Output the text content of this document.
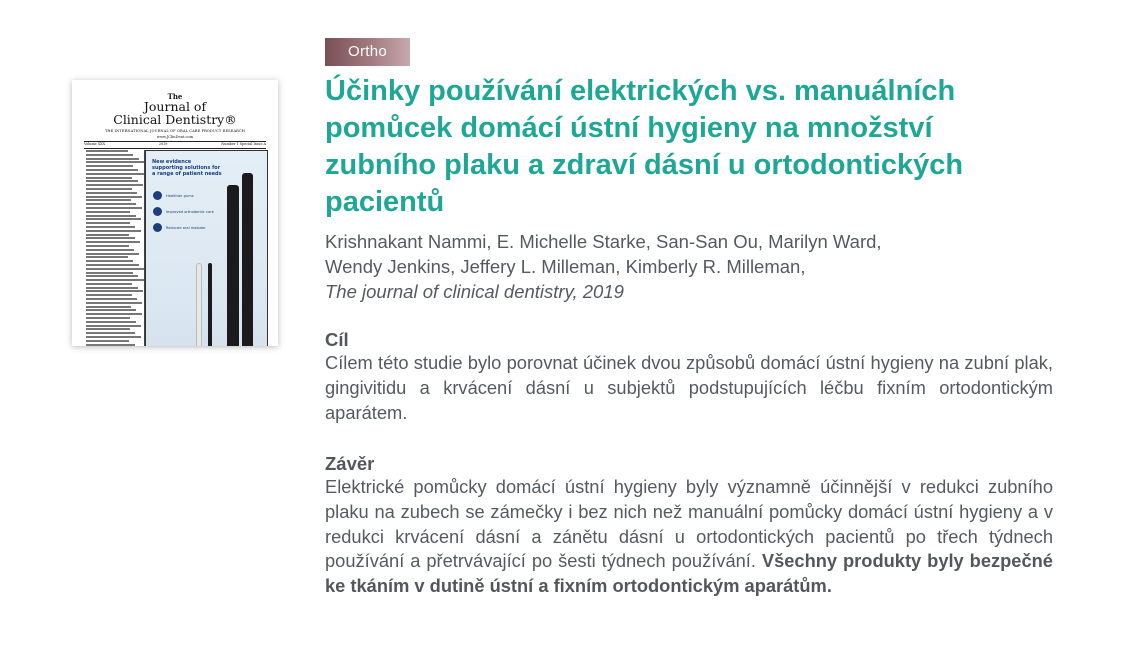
The
Journal of
Clinical Dentistry®
THE INTERNATIONAL JOURNAL OF ORAL CARE PRODUCT RESEARCH
www.JClinDent.com
Volume XXX	2019	Number 1 Special Issue A
New evidence supporting solutions for a range of patient needs
Healthier gums
Improved orthodontic care
Reduced oral malodor
Ortho
Účinky používání elektrických vs. manuálních pomůcek domácí ústní hygieny na množství zubního plaku a zdraví dásní u ortodontických pacientů
Krishnakant Nammi, E. Michelle Starke, San-San Ou, Marilyn Ward,
Wendy Jenkins, Jeffery L. Milleman, Kimberly R. Milleman,
The journal of clinical dentistry, 2019
Cíl
Cílem této studie bylo porovnat účinek dvou způsobů domácí ústní hygieny na zubní plak, gingivitidu a krvácení dásní u subjektů podstupujících léčbu fixním ortodontickým aparátem.
Závěr
Elektrické pomůcky domácí ústní hygieny byly významně účinnější v redukci zubního plaku na zubech se zámečky i bez nich než manuální pomůcky domácí ústní hygieny a v redukci krvácení dásní a zánětu dásní u ortodontických pacientů po třech týdnech používání a přetrvávající po šesti týdnech používání. Všechny produkty byly bezpečné ke tkáním v dutině ústní a fixním ortodontickým aparátům.
